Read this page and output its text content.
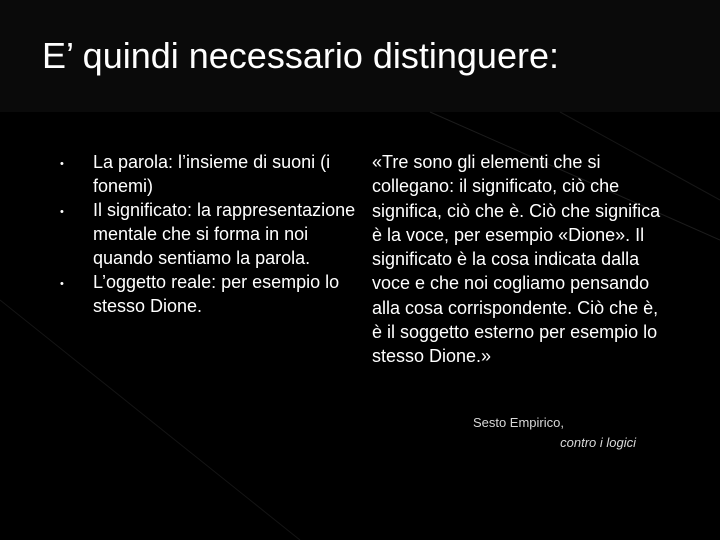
E’ quindi necessario distinguere:
• La parola: l’insieme di suoni (i fonemi)
• Il significato: la rappresentazione mentale che si forma in noi quando sentiamo la parola.
• L’oggetto reale: per esempio lo stesso Dione.
«Tre sono gli elementi che si collegano: il significato, ciò che significa, ciò che è. Ciò che significa è la voce, per esempio «Dione». Il significato è la cosa indicata dalla voce e che noi cogliamo pensando alla cosa corrispondente. Ciò che è, è il soggetto esterno per esempio lo stesso Dione.»
Sesto Empirico,
contro i logici
